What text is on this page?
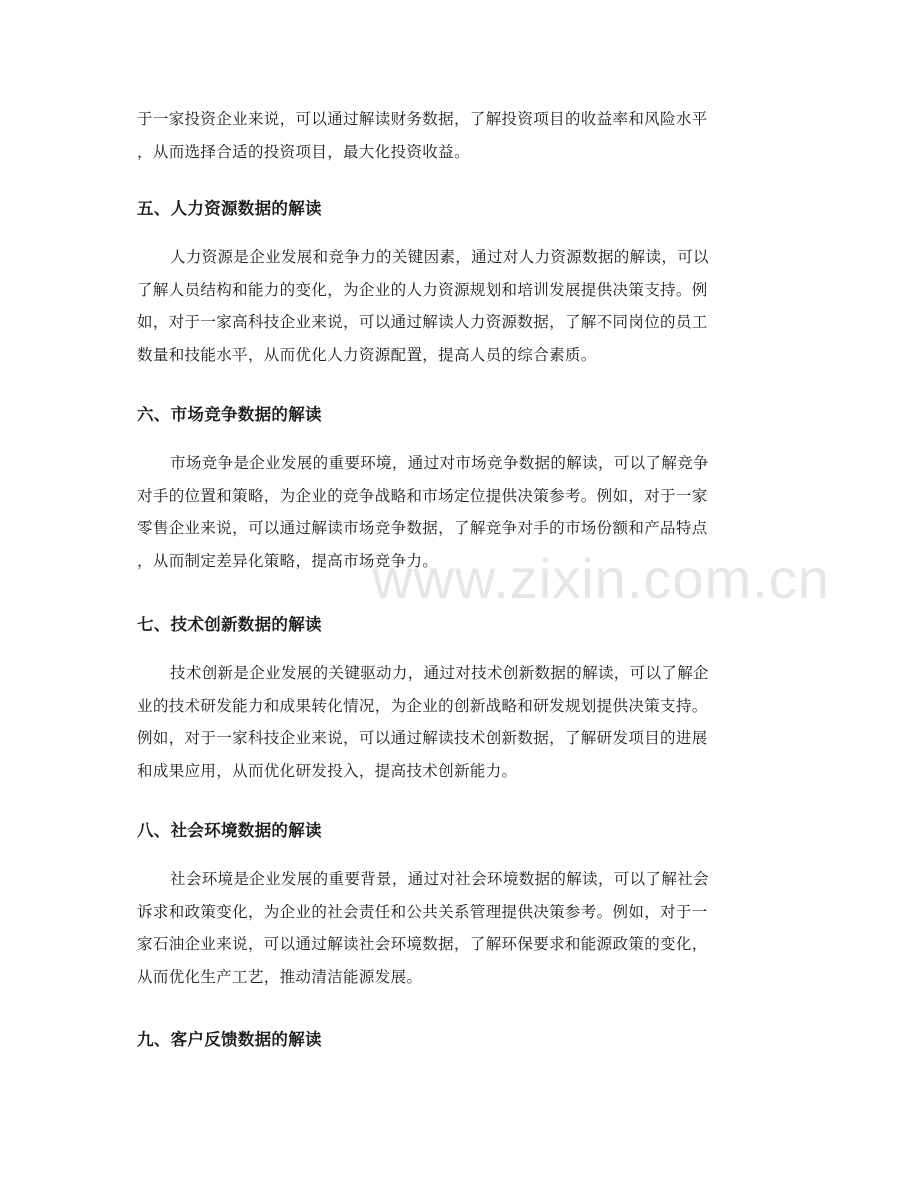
www.zixin.com.cn

于一家投资企业来说，可以通过解读财务数据，了解投资项目的收益率和风险水平
，从而选择合适的投资项目，最大化投资收益。

五、人力资源数据的解读

人力资源是企业发展和竞争力的关键因素，通过对人力资源数据的解读，可以
了解人员结构和能力的变化，为企业的人力资源规划和培训发展提供决策支持。例
如，对于一家高科技企业来说，可以通过解读人力资源数据，了解不同岗位的员工
数量和技能水平，从而优化人力资源配置，提高人员的综合素质。

六、市场竞争数据的解读

市场竞争是企业发展的重要环境，通过对市场竞争数据的解读，可以了解竞争
对手的位置和策略，为企业的竞争战略和市场定位提供决策参考。例如，对于一家
零售企业来说，可以通过解读市场竞争数据，了解竞争对手的市场份额和产品特点
，从而制定差异化策略，提高市场竞争力。

七、技术创新数据的解读

技术创新是企业发展的关键驱动力，通过对技术创新数据的解读，可以了解企
业的技术研发能力和成果转化情况，为企业的创新战略和研发规划提供决策支持。
例如，对于一家科技企业来说，可以通过解读技术创新数据，了解研发项目的进展
和成果应用，从而优化研发投入，提高技术创新能力。

八、社会环境数据的解读

社会环境是企业发展的重要背景，通过对社会环境数据的解读，可以了解社会
诉求和政策变化，为企业的社会责任和公共关系管理提供决策参考。例如，对于一
家石油企业来说，可以通过解读社会环境数据，了解环保要求和能源政策的变化，
从而优化生产工艺，推动清洁能源发展。

九、客户反馈数据的解读
